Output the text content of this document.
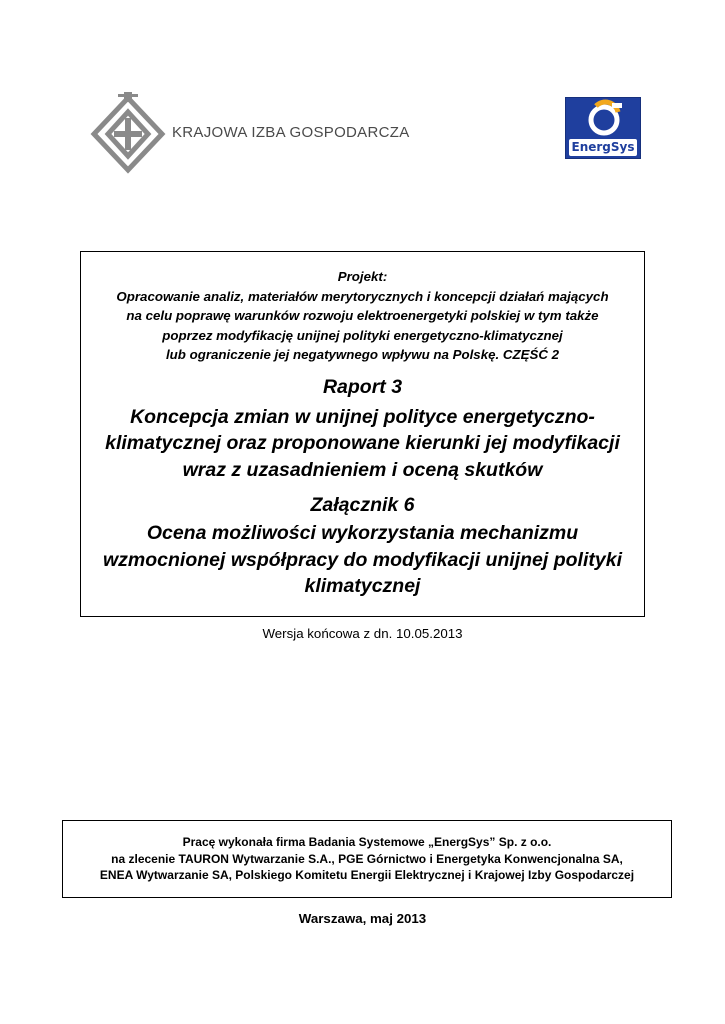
KRAJOWA IZBA GOSPODARCZA
EnergSys
Projekt:
Opracowanie analiz, materiałów merytorycznych i koncepcji działań mających
na celu poprawę warunków rozwoju elektroenergetyki polskiej w tym także
poprzez modyfikację unijnej polityki energetyczno-klimatycznej
lub ograniczenie jej negatywnego wpływu na Polskę. CZĘŚĆ 2
Raport 3
Koncepcja zmian w unijnej polityce energetyczno-
klimatycznej oraz proponowane kierunki jej modyfikacji
wraz z uzasadnieniem i oceną skutków
Załącznik 6
Ocena możliwości wykorzystania mechanizmu
wzmocnionej współpracy do modyfikacji unijnej polityki
klimatycznej
Wersja końcowa z dn. 10.05.2013
Pracę wykonała firma Badania Systemowe „EnergSys” Sp. z o.o.
na zlecenie TAURON Wytwarzanie S.A., PGE Górnictwo i Energetyka Konwencjonalna SA,
ENEA Wytwarzanie SA, Polskiego Komitetu Energii Elektrycznej i Krajowej Izby Gospodarczej
Warszawa, maj 2013
